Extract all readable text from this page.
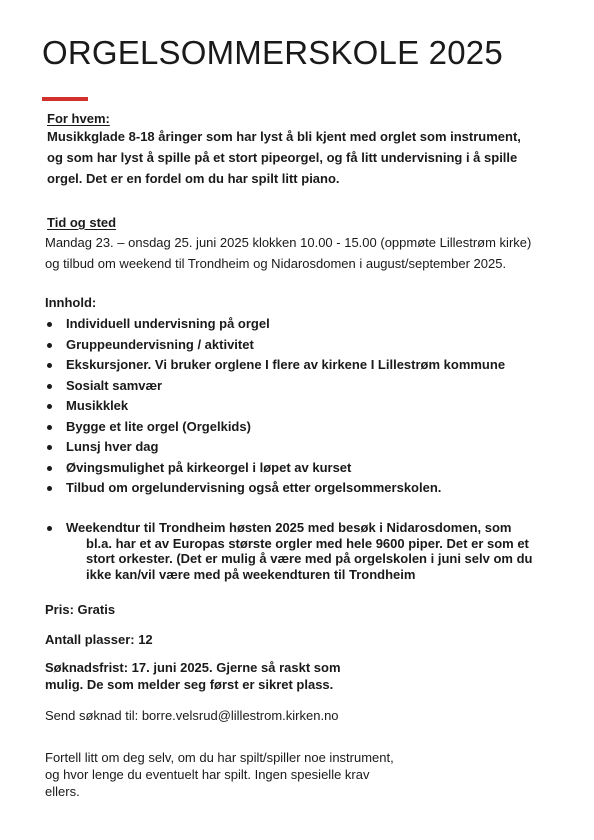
ORGELSOMMERSKOLE 2025
For hvem:
Musikkglade 8-18 åringer som har lyst å bli kjent med orglet som instrument,
og som har lyst å spille på et stort pipeorgel, og få litt undervisning i å spille
orgel. Det er en fordel om du har spilt litt piano.
Tid og sted
Mandag 23. – onsdag 25. juni 2025 klokken 10.00 - 15.00 (oppmøte Lillestrøm kirke)
og tilbud om weekend til Trondheim og Nidarosdomen i august/september 2025.
Innhold:
Individuell undervisning på orgel
Gruppeundervisning / aktivitet
Ekskursjoner. Vi bruker orglene I flere av kirkene I Lillestrøm kommune
Sosialt samvær
Musikklek
Bygge et lite orgel (Orgelkids)
Lunsj hver dag
Øvingsmulighet på kirkeorgel i løpet av kurset
Tilbud om orgelundervisning også etter orgelsommerskolen.
Weekendtur til Trondheim høsten 2025 med besøk i Nidarosdomen, som
bl.a. har et av Europas største orgler med hele 9600 piper. Det er som et
stort orkester. (Det er mulig å være med på orgelskolen i juni selv om du
ikke kan/vil være med på weekendturen til Trondheim
Pris: Gratis
Antall plasser: 12
Søknadsfrist: 17. juni 2025. Gjerne så raskt som
mulig. De som melder seg først er sikret plass.
Send søknad til: borre.velsrud@lillestrom.kirken.no
Fortell litt om deg selv, om du har spilt/spiller noe instrument,
og hvor lenge du eventuelt har spilt. Ingen spesielle krav
ellers.
